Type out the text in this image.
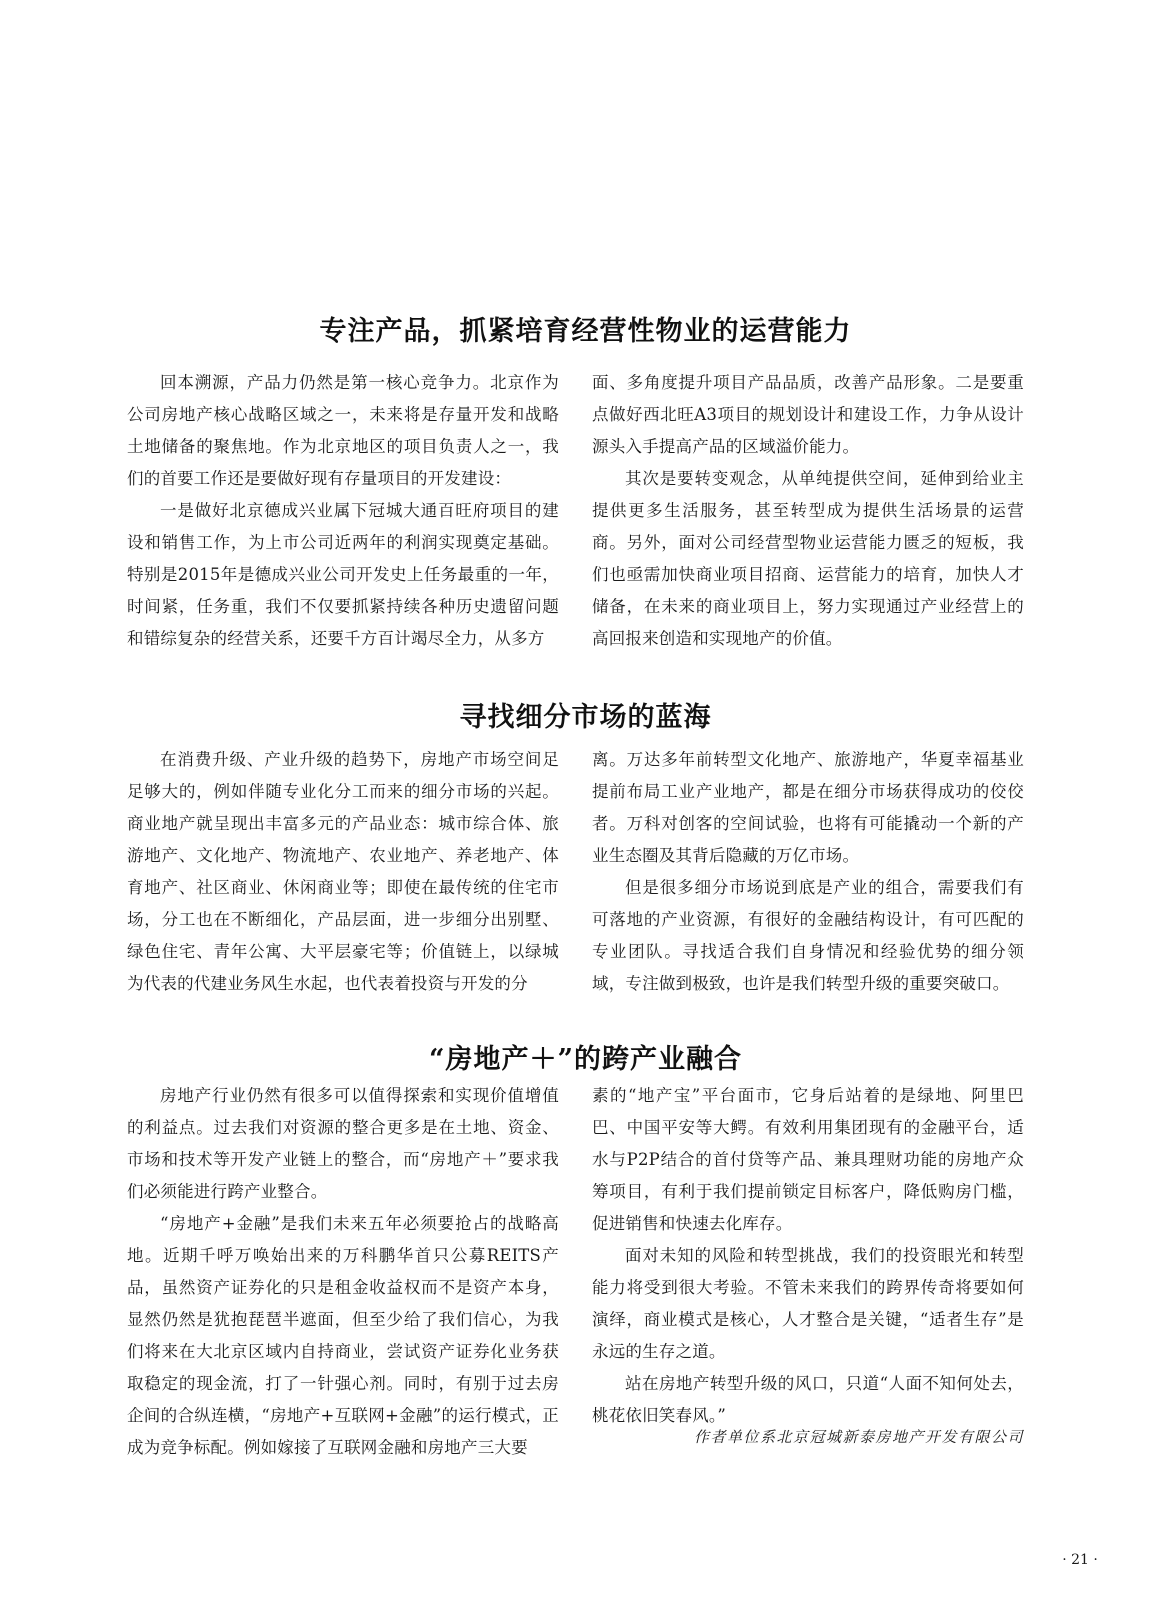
专注产品，抓紧培育经营性物业的运营能力

回本溯源，产品力仍然是第一核心竞争力。北京作为公司房地产核心战略区域之一，未来将是存量开发和战略土地储备的聚焦地。作为北京地区的项目负责人之一，我们的首要工作还是要做好现有存量项目的开发建设：

一是做好北京德成兴业属下冠城大通百旺府项目的建设和销售工作，为上市公司近两年的利润实现奠定基础。特别是2015年是德成兴业公司开发史上任务最重的一年，时间紧，任务重，我们不仅要抓紧持续各种历史遗留问题和错综复杂的经营关系，还要千方百计竭尽全力，从多方

面、多角度提升项目产品品质，改善产品形象。二是要重点做好西北旺A3项目的规划设计和建设工作，力争从设计源头入手提高产品的区域溢价能力。

其次是要转变观念，从单纯提供空间，延伸到给业主提供更多生活服务，甚至转型成为提供生活场景的运营商。另外，面对公司经营型物业运营能力匮乏的短板，我们也亟需加快商业项目招商、运营能力的培育，加快人才储备，在未来的商业项目上，努力实现通过产业经营上的高回报来创造和实现地产的价值。

寻找细分市场的蓝海

在消费升级、产业升级的趋势下，房地产市场空间足足够大的，例如伴随专业化分工而来的细分市场的兴起。商业地产就呈现出丰富多元的产品业态：城市综合体、旅游地产、文化地产、物流地产、农业地产、养老地产、体育地产、社区商业、休闲商业等；即使在最传统的住宅市场，分工也在不断细化，产品层面，进一步细分出别墅、绿色住宅、青年公寓、大平层豪宅等；价值链上，以绿城为代表的代建业务风生水起，也代表着投资与开发的分

离。万达多年前转型文化地产、旅游地产，华夏幸福基业提前布局工业产业地产，都是在细分市场获得成功的佼佼者。万科对创客的空间试验，也将有可能撬动一个新的产业生态圈及其背后隐藏的万亿市场。

但是很多细分市场说到底是产业的组合，需要我们有可落地的产业资源，有很好的金融结构设计，有可匹配的专业团队。寻找适合我们自身情况和经验优势的细分领域，专注做到极致，也许是我们转型升级的重要突破口。

“房地产＋”的跨产业融合

房地产行业仍然有很多可以值得探索和实现价值增值的利益点。过去我们对资源的整合更多是在土地、资金、市场和技术等开发产业链上的整合，而“房地产＋”要求我们必须能进行跨产业整合。

“房地产+金融”是我们未来五年必须要抢占的战略高地。近期千呼万唤始出来的万科鹏华首只公募REITS产品，虽然资产证券化的只是租金收益权而不是资产本身，显然仍然是犹抱琵琶半遮面，但至少给了我们信心，为我们将来在大北京区域内自持商业，尝试资产证券化业务获取稳定的现金流，打了一针强心剂。同时，有别于过去房企间的合纵连横，“房地产+互联网+金融”的运行模式，正成为竞争标配。例如嫁接了互联网金融和房地产三大要

素的“地产宝”平台面市，它身后站着的是绿地、阿里巴巴、中国平安等大鳄。有效利用集团现有的金融平台，适水与P2P结合的首付贷等产品、兼具理财功能的房地产众筹项目，有利于我们提前锁定目标客户，降低购房门槛，促进销售和快速去化库存。

面对未知的风险和转型挑战，我们的投资眼光和转型能力将受到很大考验。不管未来我们的跨界传奇将要如何演绎，商业模式是核心，人才整合是关键，“适者生存”是永远的生存之道。

站在房地产转型升级的风口，只道“人面不知何处去，桃花依旧笑春风。”

作者单位系北京冠城新泰房地产开发有限公司
· 21 ·
